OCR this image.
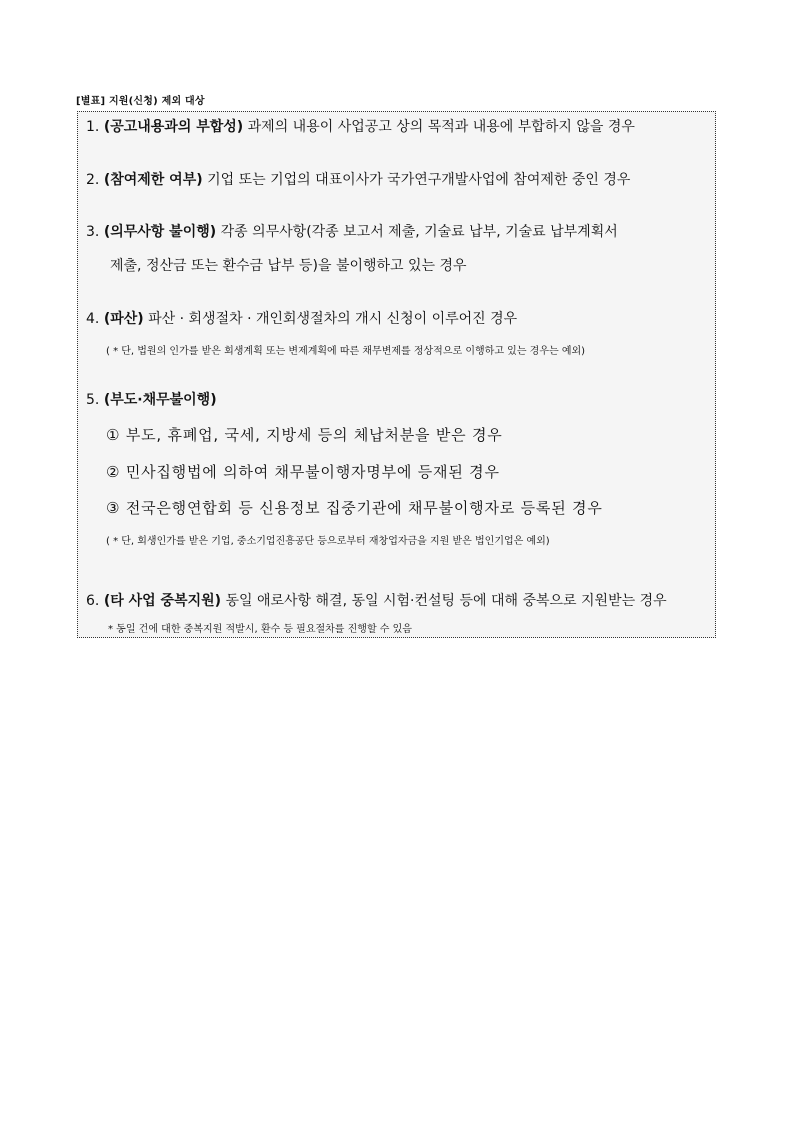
[별표] 지원(신청) 제외 대상
1. (공고내용과의 부합성) 과제의 내용이 사업공고 상의 목적과 내용에 부합하지 않을 경우
2. (참여제한 여부) 기업 또는 기업의 대표이사가 국가연구개발사업에 참여제한 중인 경우
3. (의무사항 불이행) 각종 의무사항(각종 보고서 제출, 기술료 납부, 기술료 납부계획서
제출, 정산금 또는 환수금 납부 등)을 불이행하고 있는 경우
4. (파산) 파산 · 회생절차 · 개인회생절차의 개시 신청이 이루어진 경우
( * 단, 법원의 인가를 받은 회생계획 또는 변제계획에 따른 채무변제를 정상적으로 이행하고 있는 경우는 예외)
5. (부도·채무불이행)
① 부도, 휴폐업, 국세, 지방세 등의 체납처분을 받은 경우
② 민사집행법에 의하여 채무불이행자명부에 등재된 경우
③ 전국은행연합회 등 신용정보 집중기관에 채무불이행자로 등록된 경우
( * 단, 회생인가를 받은 기업, 중소기업진흥공단 등으로부터 재창업자금을 지원 받은 법인기업은 예외)
6. (타 사업 중복지원) 동일 애로사항 해결, 동일 시험·컨설팅 등에 대해 중복으로 지원받는 경우
* 동일 건에 대한 중복지원 적발시, 환수 등 필요절차를 진행할 수 있음
